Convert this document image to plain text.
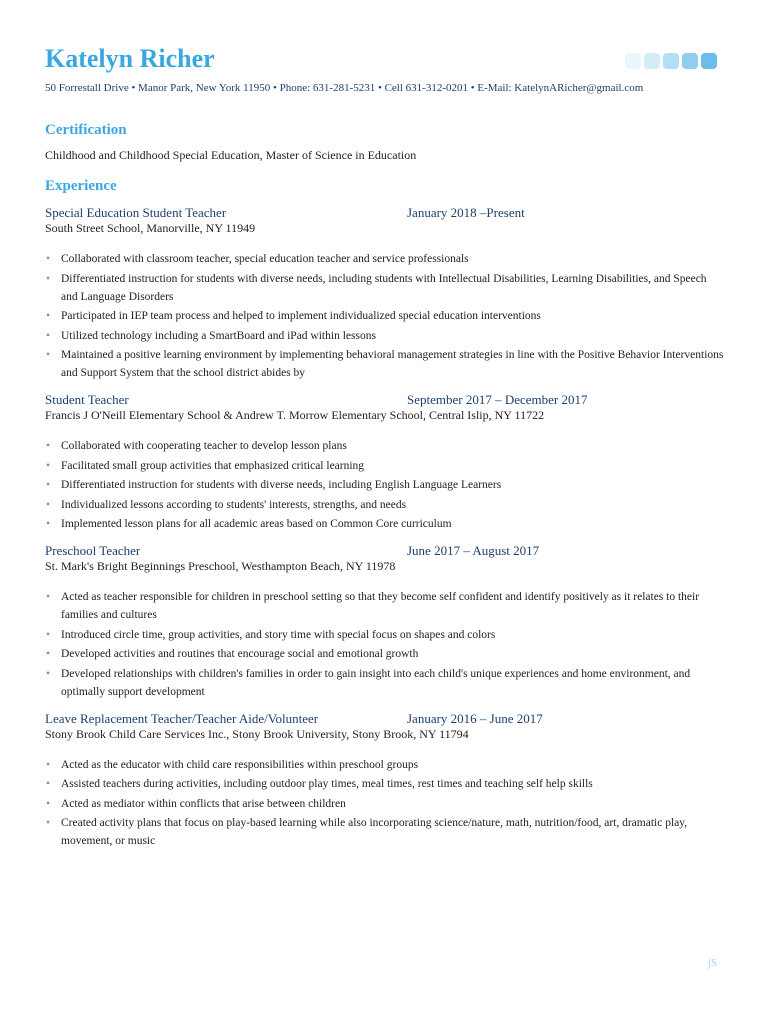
Katelyn Richer
50 Forrestall Drive • Manor Park, New York 11950 • Phone: 631-281-5231 • Cell 631-312-0201 • E-Mail: KatelynARicher@gmail.com
Certification
Childhood and Childhood Special Education, Master of Science in Education
Experience
Special Education Student Teacher	January 2018 –Present
South Street School, Manorville, NY 11949
• Collaborated with classroom teacher, special education teacher and service professionals
• Differentiated instruction for students with diverse needs, including students with Intellectual Disabilities, Learning Disabilities, and Speech and Language Disorders
• Participated in IEP team process and helped to implement individualized special education interventions
• Utilized technology including a SmartBoard and iPad within lessons
• Maintained a positive learning environment by implementing behavioral management strategies in line with the Positive Behavior Interventions and Support System that the school district abides by
Student Teacher	September 2017 – December 2017
Francis J O'Neill Elementary School & Andrew T. Morrow Elementary School, Central Islip, NY 11722
• Collaborated with cooperating teacher to develop lesson plans
• Facilitated small group activities that emphasized critical learning
• Differentiated instruction for students with diverse needs, including English Language Learners
• Individualized lessons according to students' interests, strengths, and needs
• Implemented lesson plans for all academic areas based on Common Core curriculum
Preschool Teacher	June 2017 – August 2017
St. Mark's Bright Beginnings Preschool, Westhampton Beach, NY 11978
• Acted as teacher responsible for children in preschool setting so that they become self confident and identify positively as it relates to their families and cultures
• Introduced circle time, group activities, and story time with special focus on shapes and colors
• Developed activities and routines that encourage social and emotional growth
• Developed relationships with children's families in order to gain insight into each child's unique experiences and home environment, and optimally support development
Leave Replacement Teacher/Teacher Aide/Volunteer	January 2016 – June 2017
Stony Brook Child Care Services Inc., Stony Brook University, Stony Brook, NY 11794
• Acted as the educator with child care responsibilities within preschool groups
• Assisted teachers during activities, including outdoor play times, meal times, rest times and teaching self help skills
• Acted as mediator within conflicts that arise between children
• Created activity plans that focus on play-based learning while also incorporating science/nature, math, nutrition/food, art, dramatic play, movement, or music
jS
